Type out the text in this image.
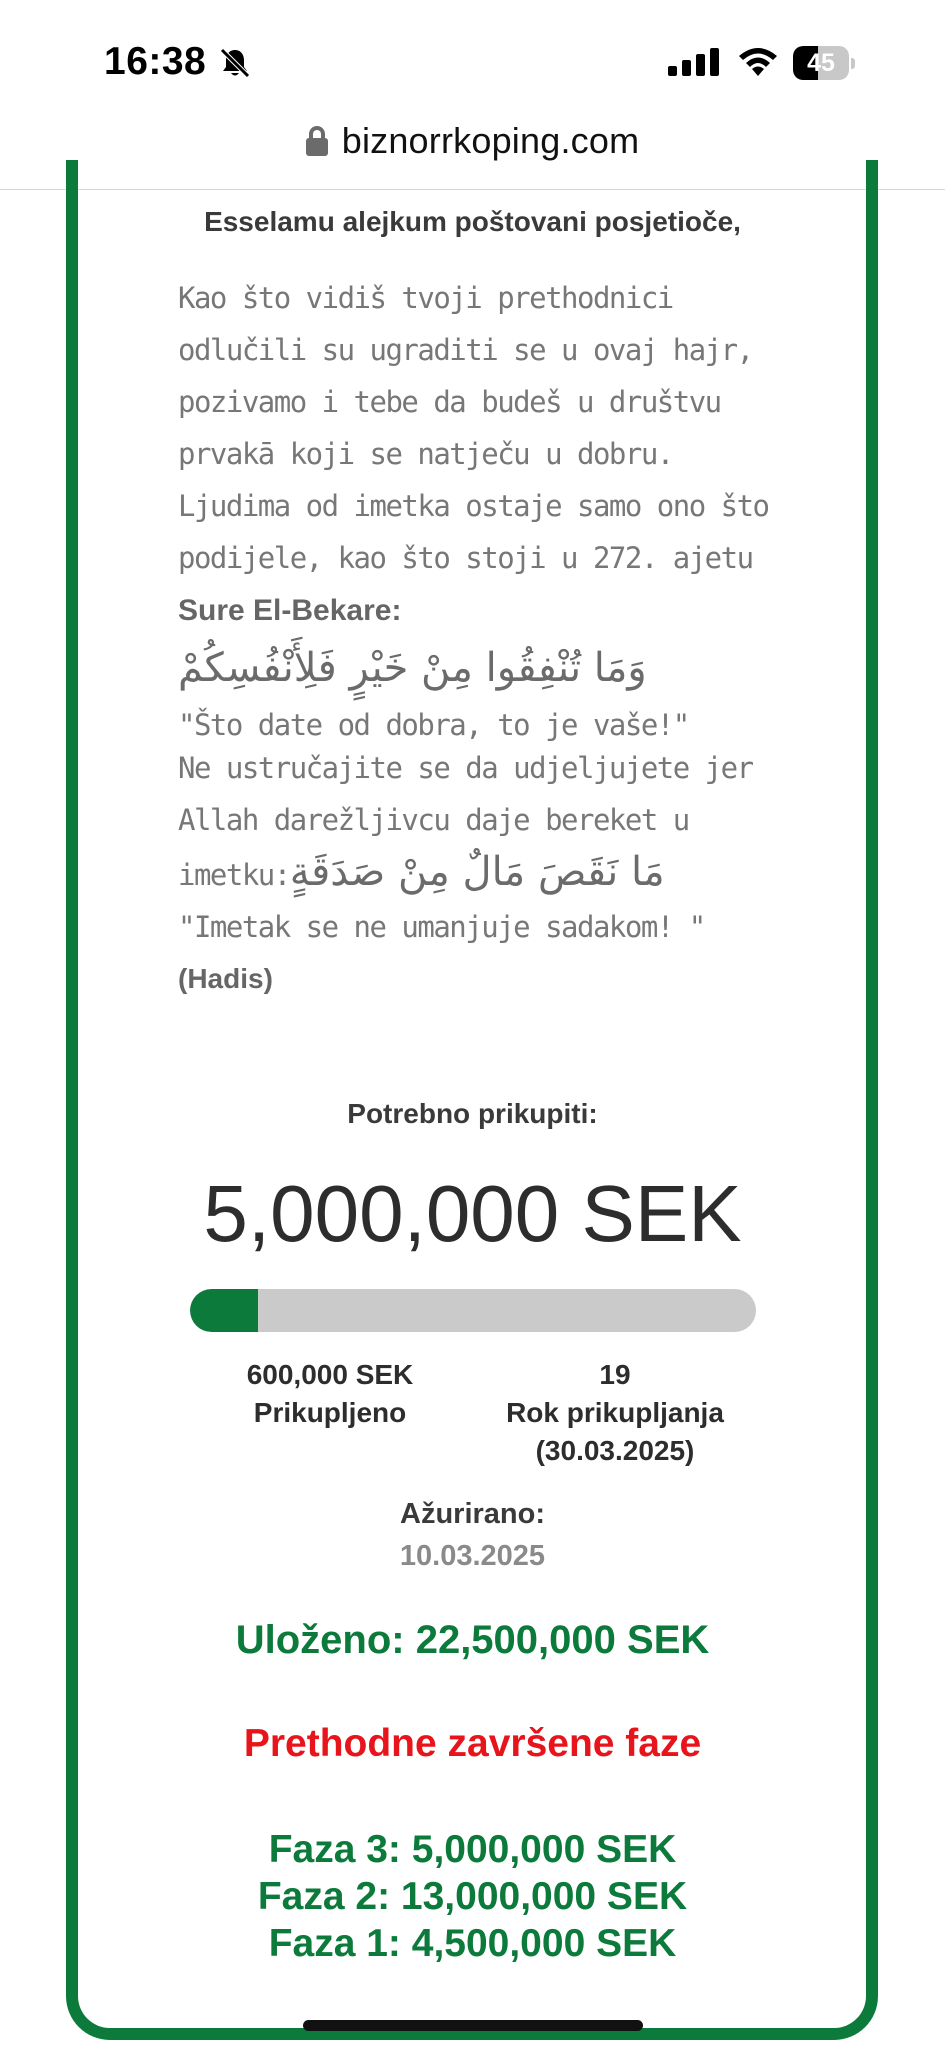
16:38	45
biznorrkoping.com
Esselamu alejkum poštovani posjetioče,
Kao što vidiš tvoji prethodnici odlučili su ugraditi se u ovaj hajr, pozivamo i tebe da budeš u društvu prvakā koji se natječu u dobru. Ljudima od imetka ostaje samo ono što podijele, kao što stoji u 272. ajetu Sure El-Bekare:
وَمَا تُنْفِقُوا مِنْ خَيْرٍ فَلِأَنْفُسِكُمْ
"Što date od dobra, to je vaše!"
Ne ustručajite se da udjeljujete jer Allah darežljivcu daje bereket u imetku:مَا نَقَصَ مَالٌ مِنْ صَدَقَةٍ
"Imetak se ne umanjuje sadakom! "
(Hadis)
Potrebno prikupiti:
5,000,000 SEK
600,000 SEK
Prikupljeno
19
Rok prikupljanja
(30.03.2025)
Ažurirano:
10.03.2025
Uloženo: 22,500,000 SEK
Prethodne završene faze
Faza 3: 5,000,000 SEK
Faza 2: 13,000,000 SEK
Faza 1: 4,500,000 SEK
